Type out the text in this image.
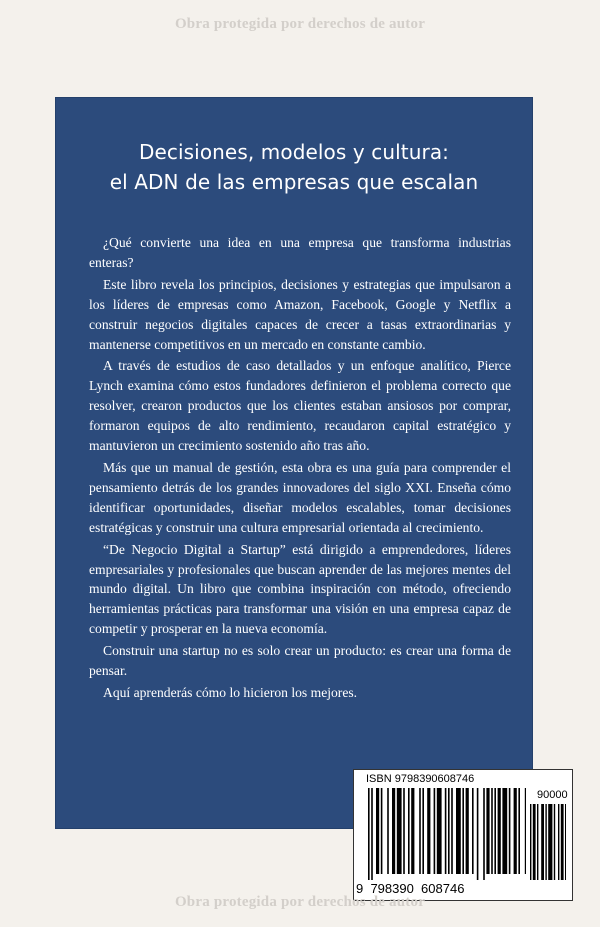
Obra protegida por derechos de autor
Decisiones, modelos y cultura:
el ADN de las empresas que escalan

¿Qué convierte una idea en una empresa que transforma industrias enteras?

Este libro revela los principios, decisiones y estrategias que impulsaron a los líderes de empresas como Amazon, Facebook, Google y Netflix a construir negocios digitales capaces de crecer a tasas extraordinarias y mantenerse competitivos en un mercado en constante cambio.

A través de estudios de caso detallados y un enfoque analítico, Pierce Lynch examina cómo estos fundadores definieron el problema correcto que resolver, crearon productos que los clientes estaban ansiosos por comprar, formaron equipos de alto rendimiento, recaudaron capital estratégico y mantuvieron un crecimiento sostenido año tras año.

Más que un manual de gestión, esta obra es una guía para comprender el pensamiento detrás de los grandes innovadores del siglo XXI. Enseña cómo identificar oportunidades, diseñar modelos escalables, tomar decisiones estratégicas y construir una cultura empresarial orientada al crecimiento.

“De Negocio Digital a Startup” está dirigido a emprendedores, líderes empresariales y profesionales que buscan aprender de las mejores mentes del mundo digital. Un libro que combina inspiración con método, ofreciendo herramientas prácticas para transformar una visión en una empresa capaz de competir y prosperar en la nueva economía.

Construir una startup no es solo crear un producto: es crear una forma de pensar.

Aquí aprenderás cómo lo hicieron los mejores.

ISBN 9798390608746
90000
9  798390  608746
Obra protegida por derechos de autor
